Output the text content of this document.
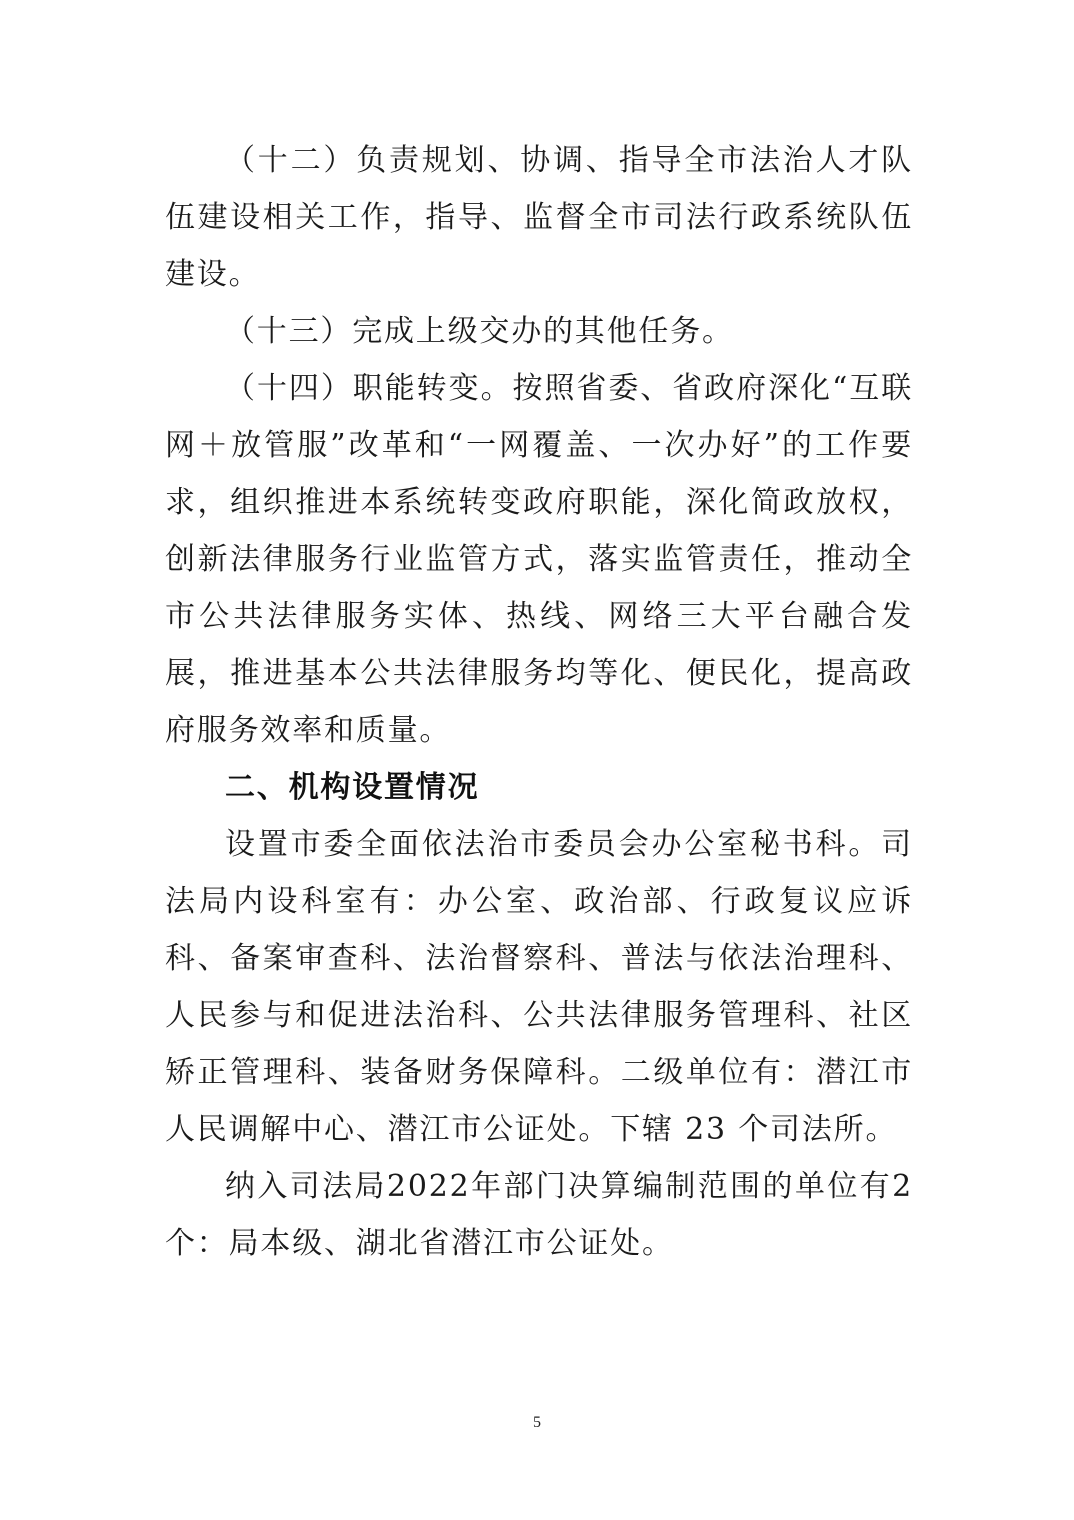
（十二）负责规划、协调、指导全市法治人才队伍建设相关工作，指导、监督全市司法行政系统队伍建设。

（十三）完成上级交办的其他任务。

（十四）职能转变。按照省委、省政府深化“互联网＋放管服”改革和“一网覆盖、一次办好”的工作要求，组织推进本系统转变政府职能，深化简政放权，创新法律服务行业监管方式，落实监管责任，推动全市公共法律服务实体、热线、网络三大平台融合发展，推进基本公共法律服务均等化、便民化，提高政府服务效率和质量。

二、机构设置情况

设置市委全面依法治市委员会办公室秘书科。司法局内设科室有：办公室、政治部、行政复议应诉科、备案审查科、法治督察科、普法与依法治理科、人民参与和促进法治科、公共法律服务管理科、社区矫正管理科、装备财务保障科。二级单位有：潜江市人民调解中心、潜江市公证处。下辖 23 个司法所。

纳入司法局2022年部门决算编制范围的单位有2个：局本级、湖北省潜江市公证处。

5
